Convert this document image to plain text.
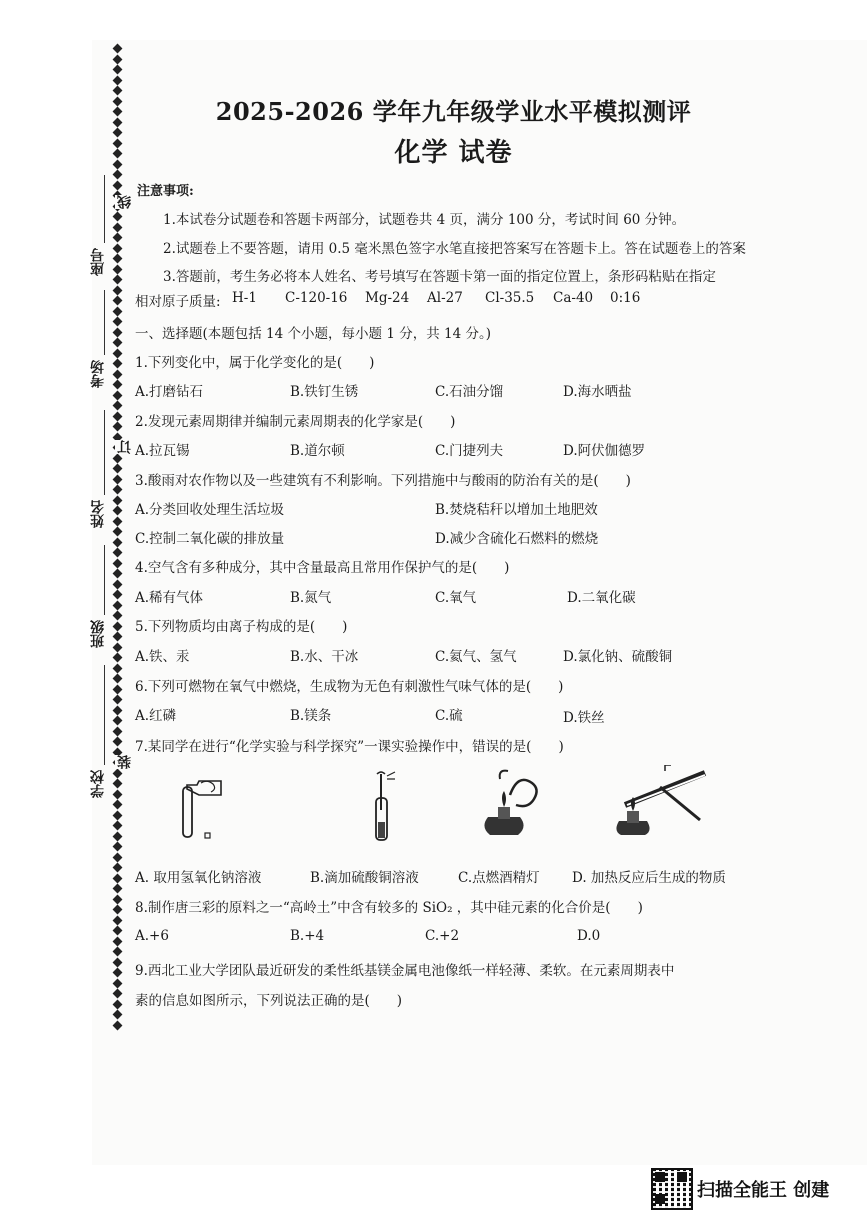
线
订
装
座号
考场
姓名
班级
学校
2025-2026 学年九年级学业水平模拟测评
化学 试卷
注意事项:
1.本试卷分试题卷和答题卡两部分，试题卷共 4 页，满分 100 分，考试时间 60 分钟。
2.试题卷上不要答题，请用 0.5 毫米黑色签字水笔直接把答案写在答题卡上。答在试题卷上的答案
3.答题前，考生务必将本人姓名、考号填写在答题卡第一面的指定位置上，条形码粘贴在指定
相对原子质量: H-1 C-120-16 Mg-24 Al-27 Cl-35.5 Ca-40 0:16
一、选择题(本题包括 14 个小题，每小题 1 分，共 14 分。)
1.下列变化中，属于化学变化的是(　　)
A.打磨钻石	B.铁钉生锈	C.石油分馏	D.海水晒盐
2.发现元素周期律并编制元素周期表的化学家是(　　)
A.拉瓦锡	B.道尔顿	C.门捷列夫	D.阿伏伽德罗
3.酸雨对农作物以及一些建筑有不利影响。下列措施中与酸雨的防治有关的是(　　)
A.分类回收处理生活垃圾	B.焚烧秸秆以增加土地肥效
C.控制二氧化碳的排放量	D.减少含硫化石燃料的燃烧
4.空气含有多种成分，其中含量最高且常用作保护气的是(　　)
A.稀有气体	B.氮气	C.氧气	D.二氧化碳
5.下列物质均由离子构成的是(　　)
A.铁、汞	B.水、干冰	C.氦气、氢气	D.氯化钠、硫酸铜
6.下列可燃物在氧气中燃烧，生成物为无色有刺激性气味气体的是(　　)
A.红磷	B.镁条	C.硫	D.铁丝
7.某同学在进行“化学实验与科学探究”一课实验操作中，错误的是(　　)
A. 取用氢氧化钠溶液	B.滴加硫酸铜溶液	C.点燃酒精灯 D. 加热反应后生成的物质
8.制作唐三彩的原料之一“高岭土”中含有较多的 SiO₂ ，其中硅元素的化合价是(　　)
A.+6	B.+4	C.+2	D.0
9.西北工业大学团队最近研发的柔性纸基镁金属电池像纸一样轻薄、柔软。在元素周期表中
素的信息如图所示，下列说法正确的是(　　)
扫描全能王 创建
